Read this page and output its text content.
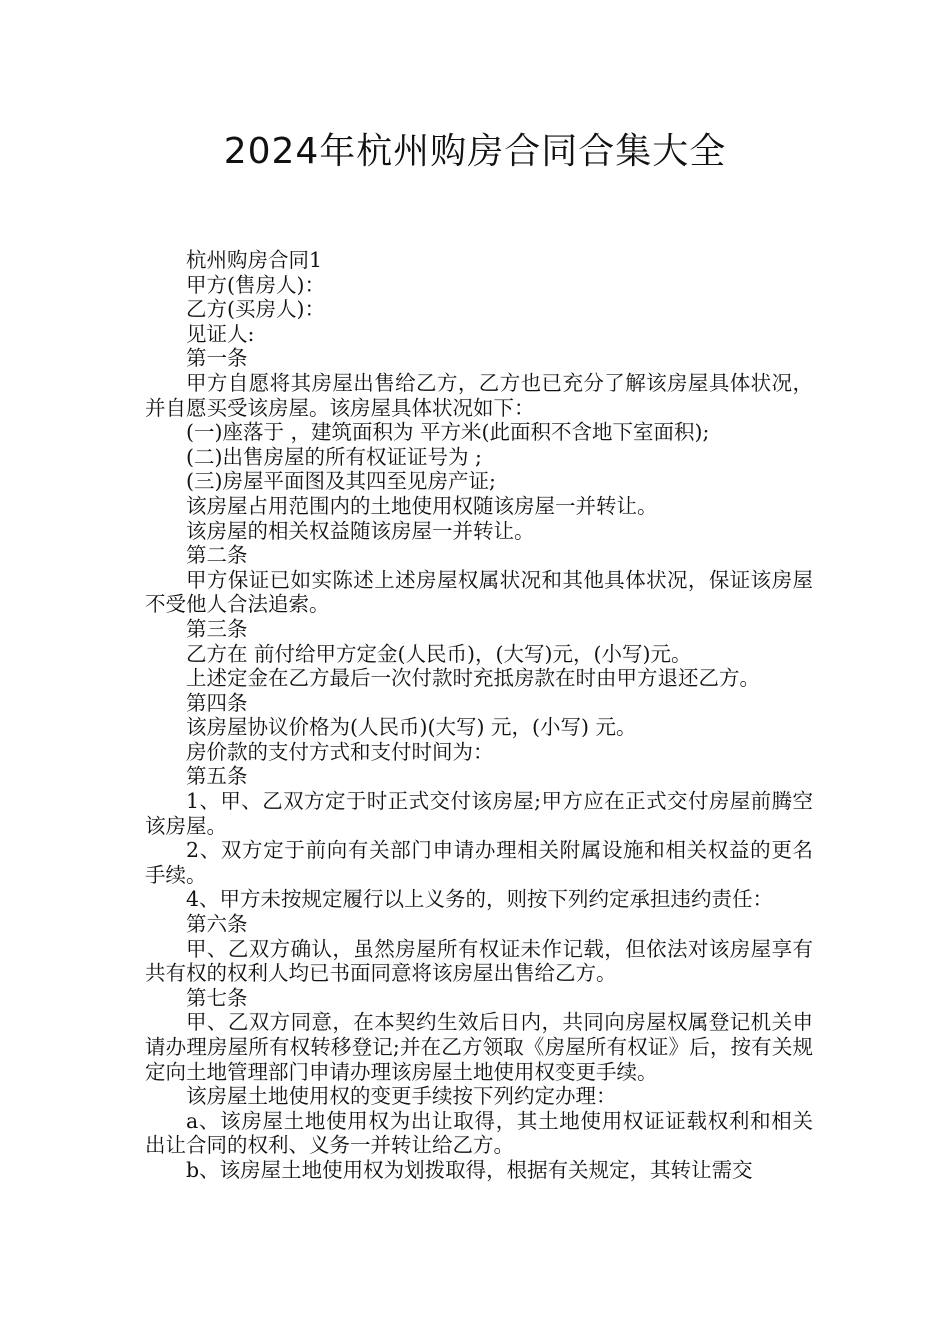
2024年杭州购房合同合集大全

杭州购房合同1

甲方(售房人)：

乙方(买房人)：

见证人:

第一条

甲方自愿将其房屋出售给乙方，乙方也已充分了解该房屋具体状况，并自愿买受该房屋。该房屋具体状况如下：

(一)座落于 ，建筑面积为 平方米(此面积不含地下室面积);

(二)出售房屋的所有权证证号为 ;

(三)房屋平面图及其四至见房产证;

该房屋占用范围内的土地使用权随该房屋一并转让。

该房屋的相关权益随该房屋一并转让。

第二条

甲方保证已如实陈述上述房屋权属状况和其他具体状况，保证该房屋不受他人合法追索。

第三条

乙方在 前付给甲方定金(人民币)，(大写)元，(小写)元。

上述定金在乙方最后一次付款时充抵房款在时由甲方退还乙方。

第四条

该房屋协议价格为(人民币)(大写) 元，(小写) 元。

房价款的支付方式和支付时间为：

第五条

1、甲、乙双方定于时正式交付该房屋;甲方应在正式交付房屋前腾空该房屋。

2、双方定于前向有关部门申请办理相关附属设施和相关权益的更名手续。

4、甲方未按规定履行以上义务的，则按下列约定承担违约责任：

第六条

甲、乙双方确认，虽然房屋所有权证未作记载，但依法对该房屋享有共有权的权利人均已书面同意将该房屋出售给乙方。

第七条

甲、乙双方同意，在本契约生效后日内，共同向房屋权属登记机关申请办理房屋所有权转移登记;并在乙方领取《房屋所有权证》后，按有关规定向土地管理部门申请办理该房屋土地使用权变更手续。

该房屋土地使用权的变更手续按下列约定办理：

a、该房屋土地使用权为出让取得，其土地使用权证证载权利和相关出让合同的权利、义务一并转让给乙方。

b、该房屋土地使用权为划拨取得，根据有关规定，其转让需交
